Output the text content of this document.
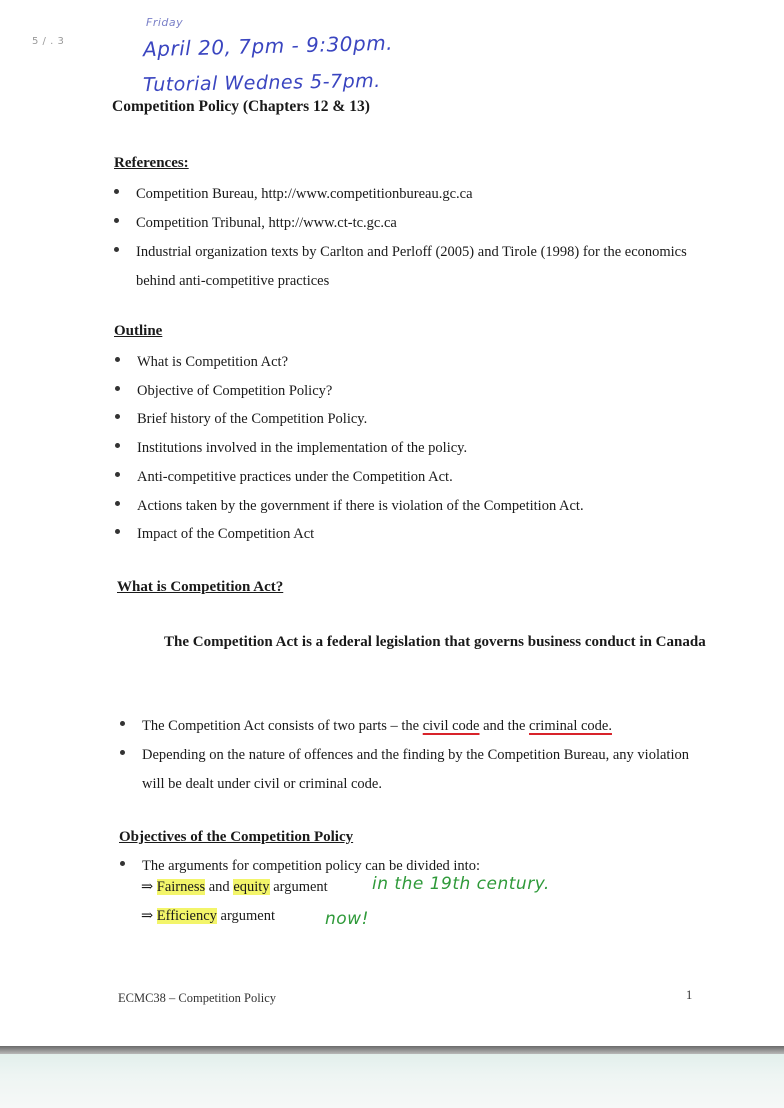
Friday
5 / . 3	April 20, 7pm - 9:30pm.
Tutorial Wednes 5-7pm.
Competition Policy (Chapters 12 & 13)
References:
Competition Bureau, http://www.competitionbureau.gc.ca
Competition Tribunal, http://www.ct-tc.gc.ca
Industrial organization texts by Carlton and Perloff (2005) and Tirole (1998) for the economics behind anti-competitive practices
Outline
What is Competition Act?
Objective of Competition Policy?
Brief history of the Competition Policy.
Institutions involved in the implementation of the policy.
Anti-competitive practices under the Competition Act.
Actions taken by the government if there is violation of the Competition Act.
Impact of the Competition Act
What is Competition Act?
The Competition Act is a federal legislation that governs business conduct in Canada
The Competition Act consists of two parts – the civil code and the criminal code.
Depending on the nature of offences and the finding by the Competition Bureau, any violation will be dealt under civil or criminal code.
Objectives of the Competition Policy
The arguments for competition policy can be divided into:
⇒ Fairness and equity argument	in the 19th century.
⇒ Efficiency argument	now!
ECMC38 – Competition Policy	1
